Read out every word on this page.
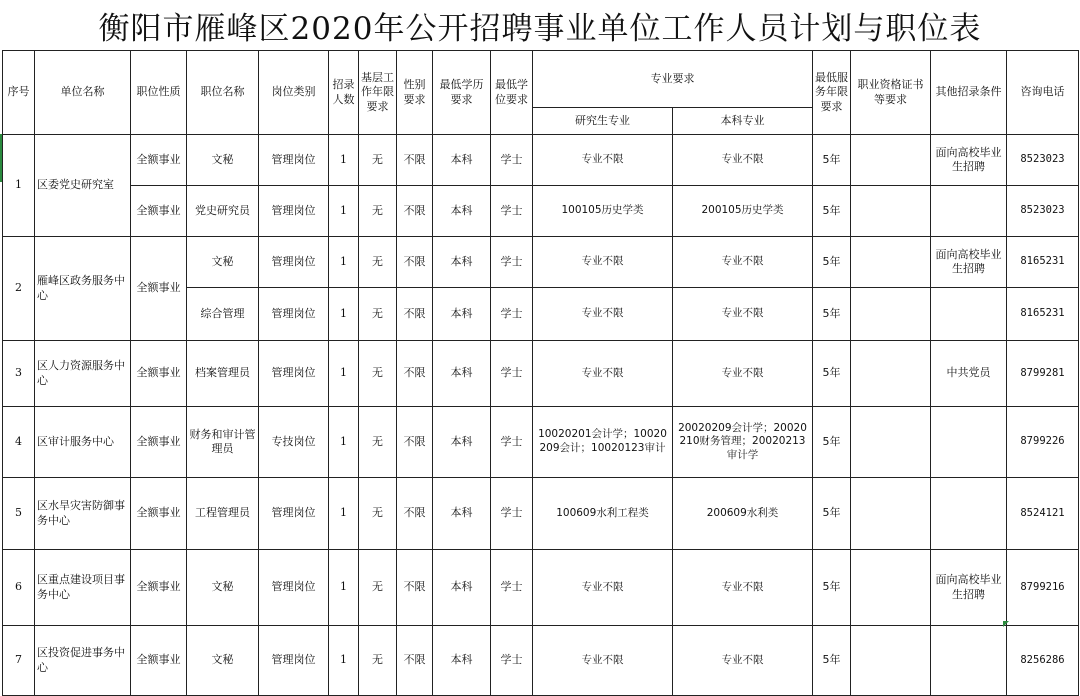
衡阳市雁峰区2020年公开招聘事业单位工作人员计划与职位表
序号	单位名称	职位性质	职位名称	岗位类别	招录人数	基层工作年限要求	性别要求	最低学历要求	最低学位要求	专业要求		最低服务年限要求	职业资格证书等要求	其他招录条件	咨询电话
										研究生专业	本科专业				
1	区委党史研究室	全额事业	文秘	管理岗位	1	无	不限	本科	学士	专业不限	专业不限	5年		面向高校毕业生招聘	8523023
		全额事业	党史研究员	管理岗位	1	无	不限	本科	学士	100105历史学类	200105历史学类	5年			8523023
2	雁峰区政务服务中心	全额事业	文秘	管理岗位	1	无	不限	本科	学士	专业不限	专业不限	5年		面向高校毕业生招聘	8165231
			综合管理	管理岗位	1	无	不限	本科	学士	专业不限	专业不限	5年			8165231
3	区人力资源服务中心	全额事业	档案管理员	管理岗位	1	无	不限	本科	学士	专业不限	专业不限	5年		中共党员	8799281
4	区审计服务中心	全额事业	财务和审计管理员	专技岗位	1	无	不限	本科	学士	10020201会计学；10020209会计；10020123审计	20020209会计学；20020210财务管理；20020213审计学	5年			8799226
5	区水旱灾害防御事务中心	全额事业	工程管理员	管理岗位	1	无	不限	本科	学士	100609水利工程类	200609水利类	5年			8524121
6	区重点建设项目事务中心	全额事业	文秘	管理岗位	1	无	不限	本科	学士	专业不限	专业不限	5年		面向高校毕业生招聘	8799216
7	区投资促进事务中心	全额事业	文秘	管理岗位	1	无	不限	本科	学士	专业不限	专业不限	5年			8256286
